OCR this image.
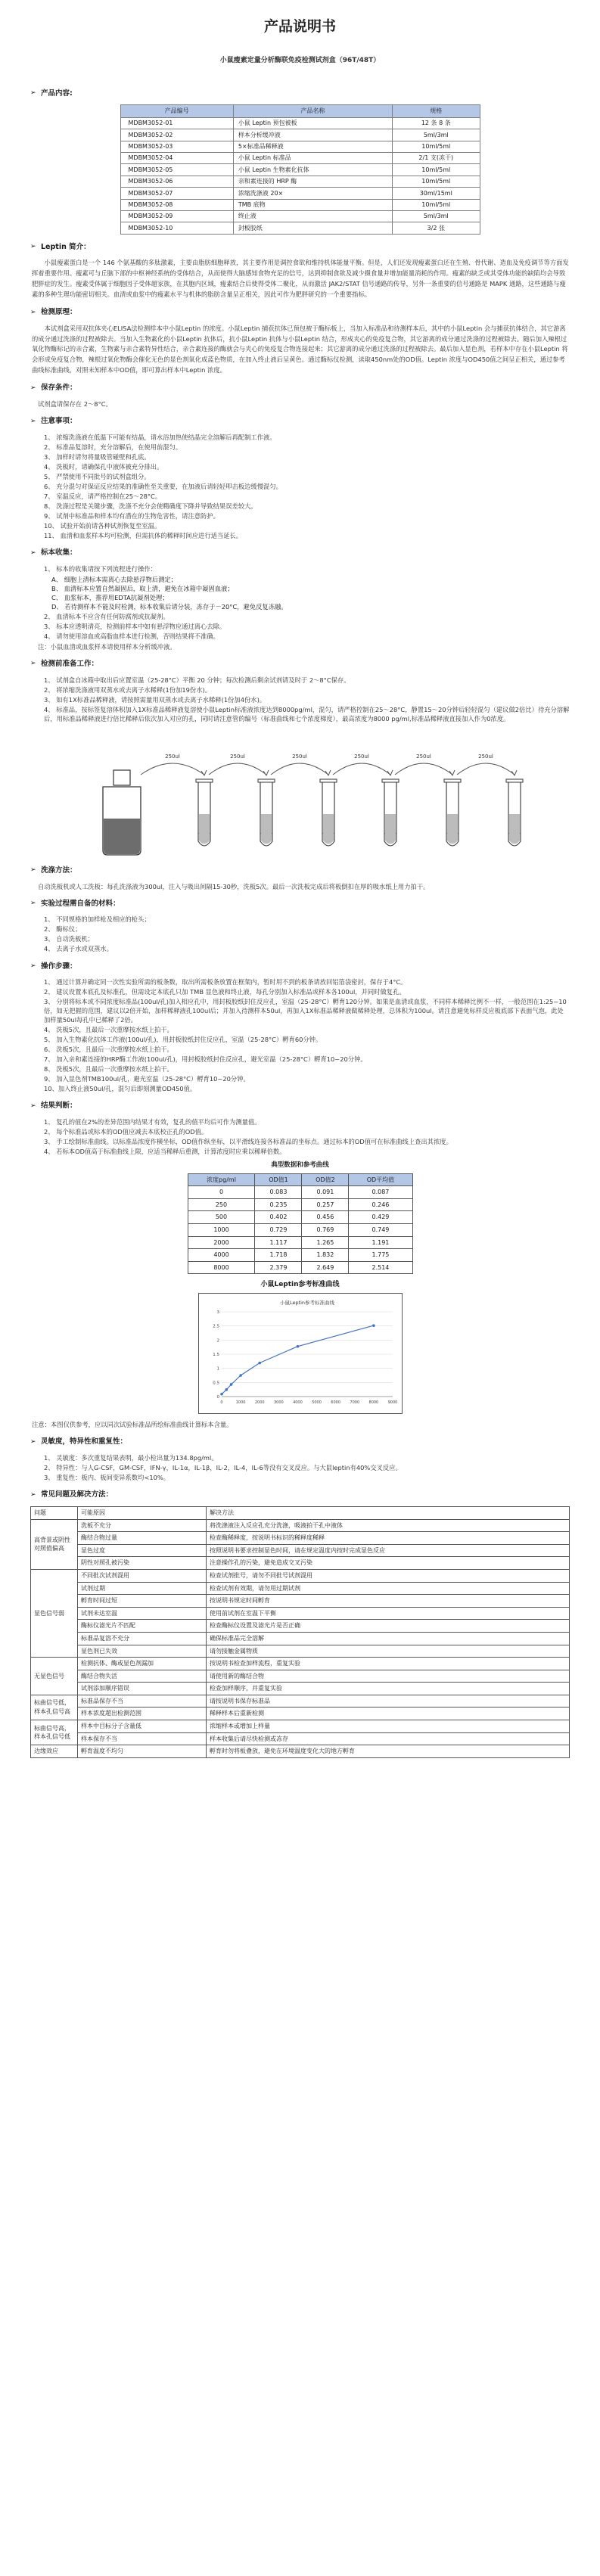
产品说明书
小鼠瘦素定量分析酶联免疫检测试剂盒（96T/48T）
➢ 产品内容:
产品编号	产品名称	规格
MDBM3052-01	小鼠 Leptin 预包被板	12 条 8 条
MDBM3052-02	样本分析缓冲液	5ml/3ml
MDBM3052-03	5×标准品稀释液	10ml/5ml
MDBM3052-04	小鼠 Leptin 标准品	2/1 支(冻干)
MDBM3052-05	小鼠 Leptin 生物素化抗体	10ml/5ml
MDBM3052-06	亲和素连接的 HRP 酶	10ml/5ml
MDBM3052-07	浓缩洗涤液 20×	30ml/15ml
MDBM3052-08	TMB 底物	10ml/5ml
MDBM3052-09	终止液	5ml/3ml
MDBM3052-10	封板胶纸	3/2 张
➢ Leptin 简介：

小鼠瘦素蛋白是一个 146 个氨基酸的多肽激素，主要由脂肪细胞释放，其主要作用是调控食欲和维持机体能量平衡。但是，人们还发现瘦素蛋白还在生殖、骨代谢、造血及免疫调节等方面发挥着重要作用。瘦素可与丘脑下部的中枢神经系统的受体结合，从而使得大脑感知食物充足的信号，达到抑制食欲及减少摄食量并增加能量消耗的作用。瘦素的缺乏或其受体功能的缺陷均会导致肥胖症的发生。瘦素受体属于细胞因子受体超家族，在其胞内区域，瘦素结合后使得受体二聚化，从而激活 JAK2/STAT 信号通路的传导，另外一条重要的信号通路是 MAPK 通路，这些通路与瘦素的多种生理功能密切相关。血清或血浆中的瘦素水平与机体的脂肪含量呈正相关，因此可作为肥胖研究的一个重要指标。

➢ 检测原理：

本试剂盒采用双抗体夹心ELISA法检测样本中小鼠Leptin 的浓度。小鼠Leptin 捕获抗体已预包被于酶标板上，当加入标准品和待测样本后，其中的小鼠Leptin 会与捕获抗体结合，其它游离的成分通过洗涤的过程被除去。当加入生物素化的小鼠Leptin 抗体后，抗小鼠Leptin 抗体与小鼠Leptin 结合，形成夹心的免疫复合物，其它游离的成分通过洗涤的过程被除去。随后加入辣根过氧化物酶标记的亲合素，生物素与亲合素特异性结合，亲合素连接的酶就会与夹心的免疫复合物连接起来；其它游离的成分通过洗涤的过程被除去。最后加入显色剂，若样本中存在小鼠Leptin 将会形成免疫复合物，辣根过氧化物酶会催化无色的显色剂氧化成蓝色物质，在加入终止液后呈黄色。通过酶标仪检测，读取450nm处的OD值。Leptin 浓度与OD450值之间呈正相关，通过参考曲线标准曲线，对照未知样本中OD值，即可算出样本中Leptin 浓度。

➢ 保存条件：

试剂盒请保存在 2～8°C。

➢ 注意事项：
1、 浓缩洗涤液在低温下可能有结晶，请水浴加热使结晶完全溶解后再配制工作液。
2、 标准品复溶时，充分溶解后，在使用前混匀。
3、 加样时请勿将量吸管碰壁和孔底。
4、 洗板时，请确保孔中液体被充分排出。
5、 严禁使用不同批号的试剂盒组分。
6、 充分混匀对保证反应结果的准确性至关重要，在加液后请轻轻叩击板边缓慢混匀。
7、 室温反应，请严格控制在25～28°C。
8、 洗涤过程是关键步骤，洗涤不充分会使精确度下降并导致结果误差较大。
9、 试剂中标准品和样本均有潜在的生物危害性，请注意防护。
10、 试验开始前请各种试剂恢复至室温。
11、 血清和血浆样本均可检测，但需抗体的稀释时间应进行适当延长。
➢ 标本收集：
1、 标本的收集请按下列流程进行操作：
A、 细胞上清标本需离心去除悬浮物后测定；
B、 血清标本应置自然凝固后，取上清，避免在冰箱中凝固血液；
C、 血浆标本，推荐用EDTA抗凝剂处理；
D、 若待测样本不能及时检测，标本收集后请分装，冻存于－20°C，避免反复冻融。
2、 血清标本不应含有任何防腐剂或抗凝剂。
3、 标本应透明清亮，检测前样本中如有悬浮物应通过离心去除。
4、 请勿使用溶血或高脂血样本进行检测，否则结果将不准确。

注：小鼠血清或血浆样本请使用样本分析缓冲液。

➢ 检测前准备工作：
1、 试剂盒自冰箱中取出后应置室温（25-28°C）平衡 20 分钟；每次检测后剩余试剂请及时于 2～8°C保存。
2、 将浓缩洗涤液用双蒸水或去离子水稀释(1份加19份水)。
3、 如有1X标准品稀释液，请按照需量用双蒸水或去离子水稀释(1份加4份水)。
4、 标准品，按标签复溶体积加入1X标准品稀释液复溶使小鼠Leptin标准液浓度达到8000pg/ml，混匀，请严格控制在25～28°C，静置15～20分钟后轻轻混匀（建议做2倍比）待充分溶解后，用标准品稀释液进行倍比稀释后依次加入对应的孔，同时请注意管的编号（标准曲线和七个浓度梯度），最高浓度为8000 pg/ml,标准品稀释液直接加入作为0浓度。
250ul	250ul	250ul	250ul	250ul	250ul
➢ 洗涤方法：

自动洗板机或人工洗板：每孔洗涤液为300ul，注入与吸出间隔15-30秒，洗板5次。最后一次洗板完成后将板倒扣在厚的吸水纸上用力拍干。

➢ 实验过程需自备的材料：
1、 不同规格的加样枪及相应的枪头；
2、 酶标仪；
3、 自动洗板机；
4、 去离子水或双蒸水。
➢ 操作步骤：
1、 通过计算并确定同一次性实验所需的板条数，取出所需板条放置在框架内，暂时用不到的板条请放回铝箔袋密封，保存于4°C。
2、 建议设置本底孔及标准孔，但需设定本底孔只加 TMB 显色液和终止液，每孔分别加入标准品或样本各100ul，并同时做复孔。
3、 分别将标本或不同浓度标准品(100ul/孔)加入相应孔中，用封板胶纸封住反应孔，室温（25-28°C）孵育120分钟。如果是血清或血浆，不同样本稀释比例不一样，一般范围在1:25~10倍，如无把握的范围，建议以2倍开始，加样稀释液孔100ul后；并加入待测样本50ul，再加入1X标准品稀释液做稀释处理，总体积为100ul。请注意避免标样反应板底部下表面气泡，此处加样量50ul每孔中已稀释了2倍。
4、 洗板5次，且最后一次重摩按水纸上拍干。
5、 加入生物素化抗体工作液(100ul/孔)，用封板胶纸封住反应孔，室温（25-28°C）孵育60分钟。
6、 洗板5次，且最后一次重摩按水纸上拍干。
7、 加入亲和素连接的HRP酶工作液(100ul/孔)，用封板胶纸封住反应孔，避光室温（25-28°C）孵育10~20分钟。
8、 洗板5次，且最后一次重摩按水纸上拍干。
9、 加入显色剂TMB100ul/孔，避光室温（25-28°C）孵育10~20分钟。
10、加入终止液50ul/孔，混匀后即刻测量OD450值。
➢ 结果判断：
1、 复孔的值在2%的差异范围内结果才有效，复孔的值平均后可作为测量值。
2、 每个标准品或标本的OD值应减去本底校正孔的OD值。
3、 手工绘制标准曲线。以标准品浓度作横坐标，OD值作纵坐标，以平滑线连接各标准品的坐标点。通过标本的OD值可在标准曲线上查出其浓度。
4、 若标本OD值高于标准曲线上限，应适当稀释后重测，计算浓度时应乘以稀释倍数。
典型数据和参考曲线
浓度pg/ml	OD值1	OD值2	OD平均值
0	0.083	0.091	0.087
250	0.235	0.257	0.246
500	0.402	0.456	0.429
1000	0.729	0.769	0.749
2000	1.117	1.265	1.191
4000	1.718	1.832	1.775
8000	2.379	2.649	2.514
小鼠Leptin参考标准曲线
小鼠Leptin参考标准曲线
0
0.5
1
1.5
2
2.5
3
0	1000 2000 3000 4000 5000 6000 7000 8000 9000

注意：本图仅供参考，应以同次试验标准品所绘标准曲线计算标本含量。

➢ 灵敏度，特异性和重复性：
1、 灵敏度：多次重复结果表明，最小检出量为134.8pg/ml。
2、 特异性：与人G-CSF，GM-CSF，IFN-γ，IL-1α，IL-1β，IL-2，IL-4，IL-6等没有交叉反应。与大鼠leptin有40%交叉反应。
3、 重复性：板内、板间变异系数均<10%。
➢ 常见问题及解决方法：
问题	可能原因	解决方法
高背景或阴性对照值偏高	洗板不充分	将洗涤液注入反应孔充分洗涤，吸液拍干孔中液体
	酶结合物过量	检查酶稀释度，按说明书标识的稀释度稀释
	显色过度	按照说明书要求控制显色时间，请在规定温度内按时完成显色反应
	阴性对照孔被污染	注意操作孔的污染，避免造成交叉污染
显色信号弱	不同批次试剂混用	检查试剂批号，请勿不同批号试剂混用
	试剂过期	检查试剂有效期，请勿用过期试剂
	孵育时间过短	按说明书规定时间孵育
	试剂未达室温	使用前试剂在室温下平衡
	酶标仪滤光片不匹配	检查酶标仪设置及滤光片是否正确
	标准品复溶不充分	确保标准品完全溶解
	显色剂已失效	请勿接触金属物质
无显色信号	检测抗体、酶或显色剂漏加	按说明书检查加样流程，重复实验
	酶结合物失活	请使用新的酶结合物
	试剂添加顺序错误	检查加样顺序，并重复实验
标曲信号低，样本孔信号高	标准品保存不当	请按说明书保存标准品
	样本浓度超出检测范围	稀释样本后重新检测
标曲信号高，样本孔信号低	样本中目标分子含量低	浓缩样本或增加上样量
	样本保存不当	样本收集后请尽快检测或冻存
边缘效应	孵育温度不均匀	孵育时勿将板叠放，避免在环境温度变化大的地方孵育
